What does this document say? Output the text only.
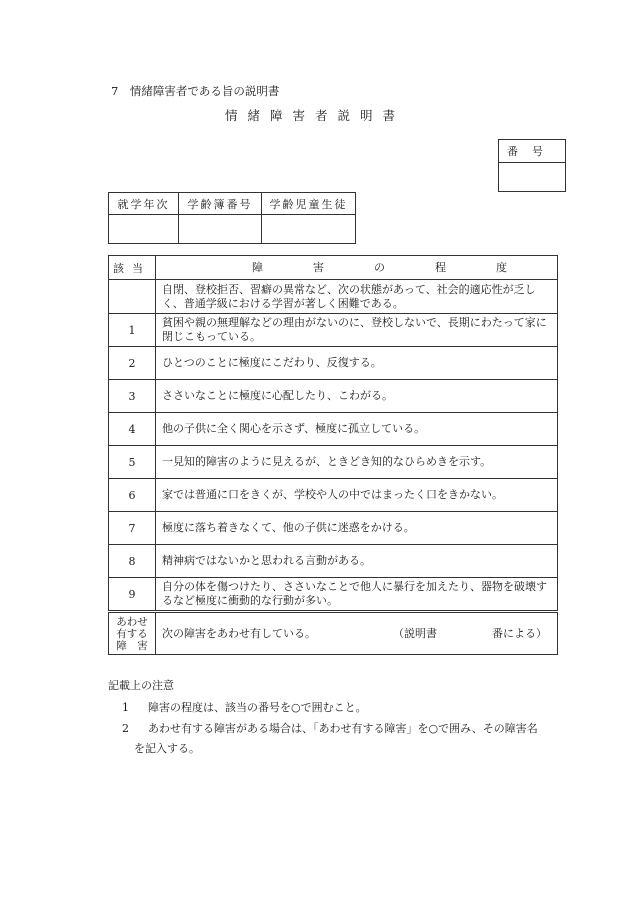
7　情緒障害者である旨の説明書
情緒障害者説明書
番号

就学年次	学齢簿番号	学齢児童生徒

該当	障 害 の 程 度

	自閉、登校拒否、習癖の異常など、次の状態があって、社会的適応性が乏しく、普通学級における学習が著しく困難である。
1	貧困や親の無理解などの理由がないのに、登校しないで、長期にわたって家に閉じこもっている。
2	ひとつのことに極度にこだわり、反復する。
3	ささいなことに極度に心配したり、こわがる。
4	他の子供に全く関心を示さず、極度に孤立している。
5	一見知的障害のように見えるが、ときどき知的なひらめきを示す。
6	家では普通に口をきくが、学校や人の中ではまったく口をきかない。
7	極度に落ち着きなくて、他の子供に迷惑をかける。
8	精神病ではないかと思われる言動がある。
9	自分の体を傷つけたり、ささいなことで他人に暴行を加えたり、器物を破壊するなど極度に衝動的な行動が多い。

あわせ
有する
障　害	次の障害をあわせ有している。 （説明書 番による）
記載上の注意
1 障害の程度は、該当の番号を○で囲むこと。
2 あわせ有する障害がある場合は、「あわせ有する障害」を○で囲み、その障害名
を記入する。
